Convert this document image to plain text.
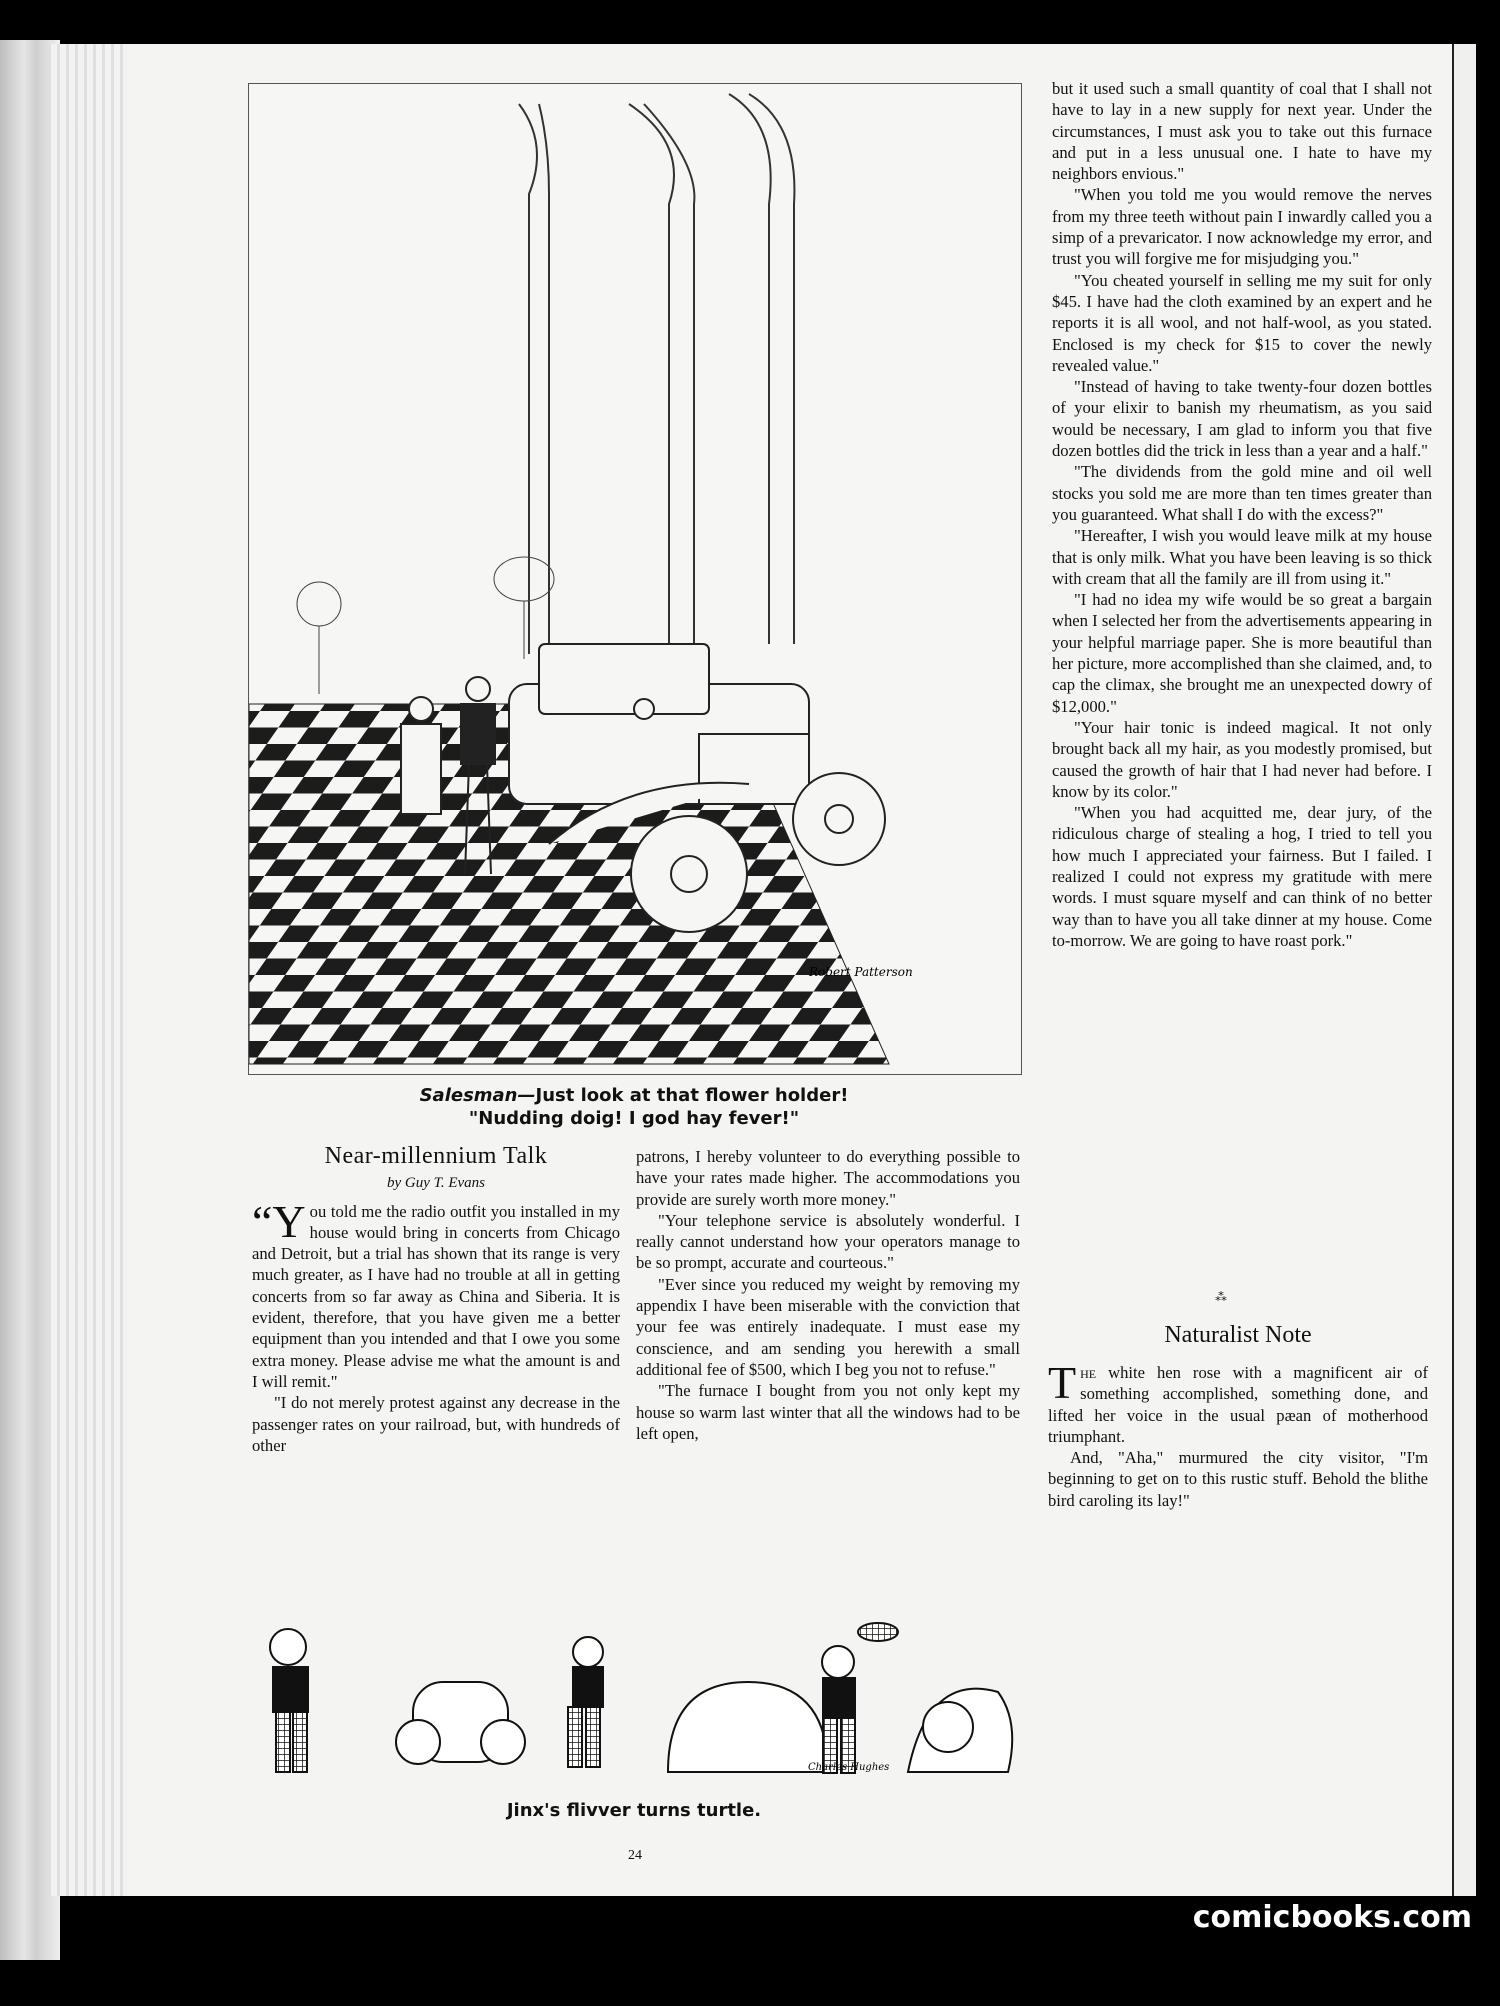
Robert Patterson
Salesman—Just look at that flower holder!
"Nudding doig! I god hay fever!"

but it used such a small quantity of coal that I shall not have to lay in a new supply for next year. Under the circumstances, I must ask you to take out this furnace and put in a less unusual one. I hate to have my neighbors envious."

"When you told me you would remove the nerves from my three teeth without pain I inwardly called you a simp of a prevaricator. I now acknowledge my error, and trust you will forgive me for misjudging you."

"You cheated yourself in selling me my suit for only $45. I have had the cloth examined by an expert and he reports it is all wool, and not half-wool, as you stated. Enclosed is my check for $15 to cover the newly revealed value."

"Instead of having to take twenty-four dozen bottles of your elixir to banish my rheumatism, as you said would be necessary, I am glad to inform you that five dozen bottles did the trick in less than a year and a half."

"The dividends from the gold mine and oil well stocks you sold me are more than ten times greater than you guaranteed. What shall I do with the excess?"

"Hereafter, I wish you would leave milk at my house that is only milk. What you have been leaving is so thick with cream that all the family are ill from using it."

"I had no idea my wife would be so great a bargain when I selected her from the advertisements appearing in your helpful marriage paper. She is more beautiful than her picture, more accomplished than she claimed, and, to cap the climax, she brought me an unexpected dowry of $12,000."

"Your hair tonic is indeed magical. It not only brought back all my hair, as you modestly promised, but caused the growth of hair that I had never had before. I know by its color."

"When you had acquitted me, dear jury, of the ridiculous charge of stealing a hog, I tried to tell you how much I appreciated your fairness. But I failed. I realized I could not express my gratitude with mere words. I must square myself and can think of no better way than to have you all take dinner at my house. Come to-morrow. We are going to have roast pork."

Near-millennium Talk
by Guy T. Evans

“Y ou told me the radio outfit you installed in my house would bring in concerts from Chicago and Detroit, but a trial has shown that its range is very much greater, as I have had no trouble at all in getting concerts from so far away as China and Siberia. It is evident, therefore, that you have given me a better equipment than you intended and that I owe you some extra money. Please advise me what the amount is and I will remit."

"I do not merely protest against any decrease in the passenger rates on your railroad, but, with hundreds of other

patrons, I hereby volunteer to do everything possible to have your rates made higher. The accommodations you provide are surely worth more money."

"Your telephone service is absolutely wonderful. I really cannot understand how your operators manage to be so prompt, accurate and courteous."

"Ever since you reduced my weight by removing my appendix I have been miserable with the conviction that your fee was entirely inadequate. I must ease my conscience, and am sending you herewith a small additional fee of $500, which I beg you not to refuse."

"The furnace I bought from you not only kept my house so warm last winter that all the windows had to be left open,

⁂
Naturalist Note

The white hen rose with a magnificent air of something accomplished, something done, and lifted her voice in the usual pæan of motherhood triumphant.

And, "Aha," murmured the city visitor, "I'm beginning to get on to this rustic stuff. Behold the blithe bird caroling its lay!"

Charles Hughes
Jinx's flivver turns turtle.
24
comicbooks.com
